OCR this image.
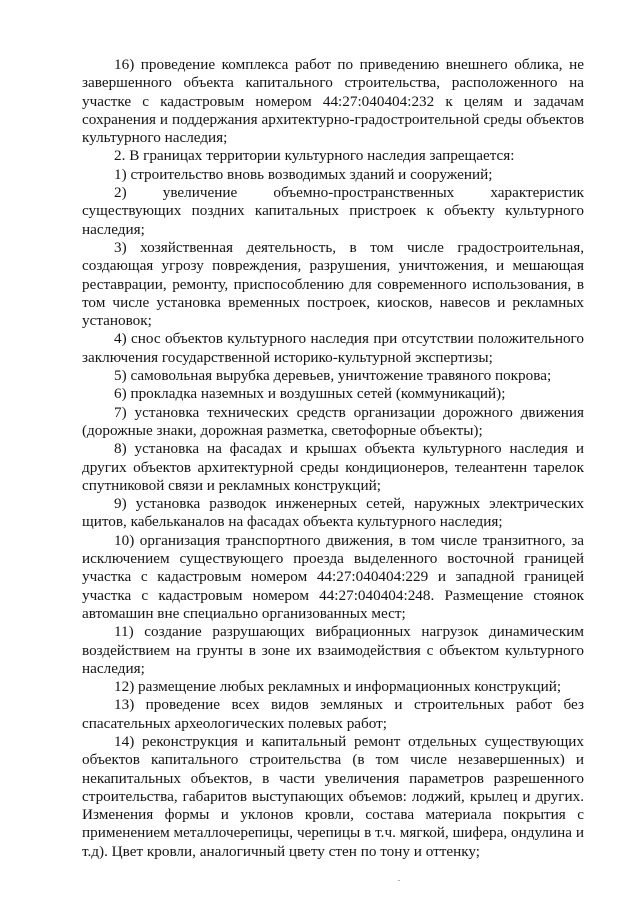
16) проведение комплекса работ по приведению внешнего облика, не завершенного объекта капитального строительства, расположенного на участке с кадастровым номером 44:27:040404:232 к целям и задачам сохранения и поддержания архитектурно-градостроительной среды объектов культурного наследия;

2. В границах территории культурного наследия запрещается:

1) строительство вновь возводимых зданий и сооружений;

2) увеличение объемно-пространственных характеристик существующих поздних капитальных пристроек к объекту культурного наследия;

3) хозяйственная деятельность, в том числе градостроительная, создающая угрозу повреждения, разрушения, уничтожения, и мешающая реставрации, ремонту, приспособлению для современного использования, в том числе установка временных построек, киосков, навесов и рекламных установок;

4) снос объектов культурного наследия при отсутствии положительного заключения государственной историко-культурной экспертизы;

5) самовольная вырубка деревьев, уничтожение травяного покрова;

6) прокладка наземных и воздушных сетей (коммуникаций);

7) установка технических средств организации дорожного движения (дорожные знаки, дорожная разметка, светофорные объекты);

8) установка на фасадах и крышах объекта культурного наследия и других объектов архитектурной среды кондиционеров, телеантенн тарелок спутниковой связи и рекламных конструкций;

9) установка разводок инженерных сетей, наружных электрических щитов, кабельканалов на фасадах объекта культурного наследия;

10) организация транспортного движения, в том числе транзитного, за исключением существующего проезда выделенного восточной границей участка с кадастровым номером 44:27:040404:229 и западной границей участка с кадастровым номером 44:27:040404:248. Размещение стоянок автомашин вне специально организованных мест;

11) создание разрушающих вибрационных нагрузок динамическим воздействием на грунты в зоне их взаимодействия с объектом культурного наследия;

12) размещение любых рекламных и информационных конструкций;

13) проведение всех видов земляных и строительных работ без спасательных археологических полевых работ;

14) реконструкция и капитальный ремонт отдельных существующих объектов капитального строительства (в том числе незавершенных) и некапитальных объектов, в части увеличения параметров разрешенного строительства, габаритов выступающих объемов: лоджий, крылец и других. Изменения формы и уклонов кровли, состава материала покрытия с применением металлочерепицы, черепицы в т.ч. мягкой, шифера, ондулина и т.д). Цвет кровли, аналогичный цвету стен по тону и оттенку;
